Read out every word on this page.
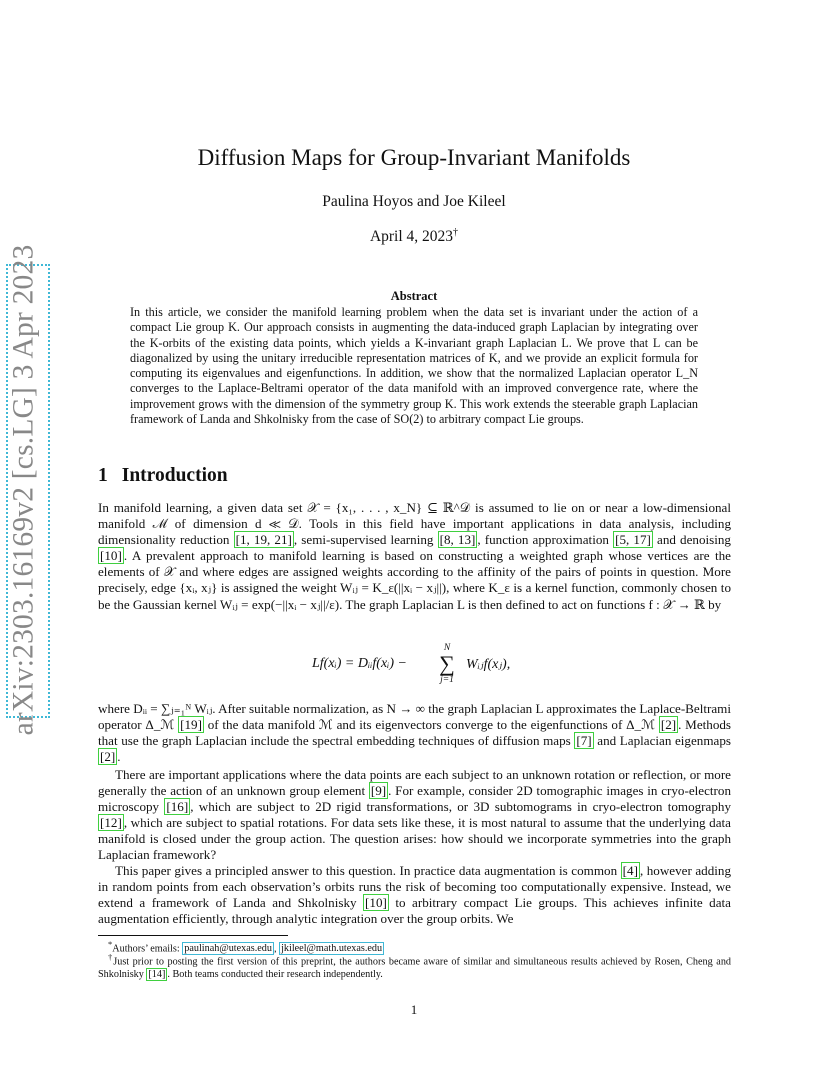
arXiv:2303.16169v2 [cs.LG] 3 Apr 2023
Diffusion Maps for Group-Invariant Manifolds
Paulina Hoyos and Joe Kileel
April 4, 2023†
Abstract

In this article, we consider the manifold learning problem when the data set is invariant under the action of a compact Lie group K. Our approach consists in augmenting the data-induced graph Laplacian by integrating over the K-orbits of the existing data points, which yields a K-invariant graph Laplacian L. We prove that L can be diagonalized by using the unitary irreducible representation matrices of K, and we provide an explicit formula for computing its eigenvalues and eigenfunctions. In addition, we show that the normalized Laplacian operator L_N converges to the Laplace-Beltrami operator of the data manifold with an improved convergence rate, where the improvement grows with the dimension of the symmetry group K. This work extends the steerable graph Laplacian framework of Landa and Shkolnisky from the case of SO(2) to arbitrary compact Lie groups.

1 Introduction

In manifold learning, a given data set 𝒳 = {x₁, . . . , x_N} ⊆ ℝ^𝒟 is assumed to lie on or near a low-dimensional manifold ℳ of dimension d ≪ 𝒟. Tools in this field have important applications in data analysis, including dimensionality reduction [1, 19, 21] , semi-supervised learning [8, 13] , function approximation [5, 17] and denoising [10] . A prevalent approach to manifold learning is based on constructing a weighted graph whose vertices are the elements of 𝒳 and where edges are assigned weights according to the affinity of the pairs of points in question. More precisely, edge {xᵢ, xⱼ} is assigned the weight Wᵢⱼ = K_ε(||xᵢ − xⱼ||), where K_ε is a kernel function, commonly chosen to be the Gaussian kernel Wᵢⱼ = exp(−||xᵢ − xⱼ||/ε). The graph Laplacian L is then defined to act on functions f : 𝒳 → ℝ by

Lf(xᵢ) = Dᵢᵢf(xᵢ) −
N
∑
j=1
Wᵢⱼf(xⱼ),

where Dᵢᵢ = ∑ⱼ₌₁ᴺ Wᵢⱼ. After suitable normalization, as N → ∞ the graph Laplacian L approximates the Laplace-Beltrami operator Δ_ℳ [19] of the data manifold ℳ and its eigenvectors converge to the eigenfunctions of Δ_ℳ [2] . Methods that use the graph Laplacian include the spectral embedding techniques of diffusion maps [7] and Laplacian eigenmaps [2] .

There are important applications where the data points are each subject to an unknown rotation or reflection, or more generally the action of an unknown group element [9] . For example, consider 2D tomographic images in cryo-electron microscopy [16] , which are subject to 2D rigid transformations, or 3D subtomograms in cryo-electron tomography [12] , which are subject to spatial rotations. For data sets like these, it is most natural to assume that the underlying data manifold is closed under the group action. The question arises: how should we incorporate symmetries into the graph Laplacian framework?

This paper gives a principled answer to this question. In practice data augmentation is common [4] , however adding in random points from each observation’s orbits runs the risk of becoming too computationally expensive. Instead, we extend a framework of Landa and Shkolnisky [10] to arbitrary compact Lie groups. This achieves infinite data augmentation efficiently, through analytic integration over the group orbits. We

*Authors’ emails: paulinah@utexas.edu , jkileel@math.utexas.edu

†Just prior to posting the first version of this preprint, the authors became aware of similar and simultaneous results achieved by Rosen, Cheng and Shkolnisky [14] . Both teams conducted their research independently.

1
